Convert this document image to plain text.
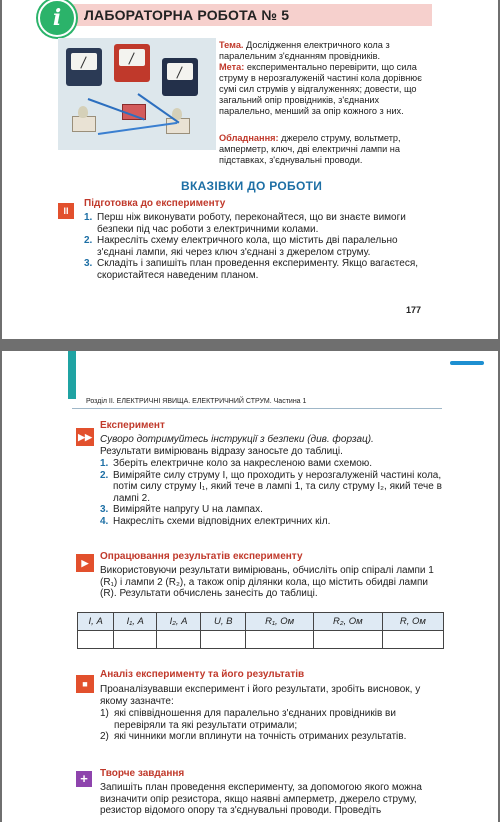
i	ЛАБОРАТОРНА РОБОТА № 5
Тема. Дослідження електричного кола з паралельним з'єднанням провідників.
Мета: експериментально перевірити, що сила струму в нерозгалуженій частині кола дорівнює сумі сил струмів у відгалуженнях; довести, що загальний опір провідників, з'єднаних паралельно, менший за опір кожного з них.
Обладнання: джерело струму, вольтметр, амперметр, ключ, дві електричні лампи на підставках, з'єднувальні проводи.
ВКАЗІВКИ ДО РОБОТИ
II
Підготовка до експерименту
1. Перш ніж виконувати роботу, переконайтеся, що ви знаєте вимоги безпеки під час роботи з електричними колами.
2. Накресліть схему електричного кола, що містить дві паралельно з'єднані лампи, які через ключ з'єднані з джерелом струму.
3. Складіть і запишіть план проведення експерименту. Якщо вагаєтеся, скористайтеся наведеним планом.
177
Розділ ІІ. ЕЛЕКТРИЧНІ ЯВИЩА. ЕЛЕКТРИЧНИЙ СТРУМ. Частина 1
▶▶
Експеримент
Суворо дотримуйтесь інструкції з безпеки (див. форзац).
Результати вимірювань відразу заносьте до таблиці.
1. Зберіть електричне коло за накресленою вами схемою.
2. Виміряйте силу струму I, що проходить у нерозгалуженій частині кола, потім силу струму I₁, який тече в лампі 1, та силу струму I₂, який тече в лампі 2.
3. Виміряйте напругу U на лампах.
4. Накресліть схеми відповідних електричних кіл.
▶
Опрацювання результатів експерименту
Використовуючи результати вимірювань, обчисліть опір спіралі лампи 1 (R₁) і лампи 2 (R₂), а також опір ділянки кола, що містить обидві лампи (R). Результати обчислень занесіть до таблиці.
I, А	I₁, А	I₂, А	U, В	R₁, Ом	R₂, Ом	R, Ом

■
Аналіз експерименту та його результатів
Проаналізувавши експеримент і його результати, зробіть висновок, у якому зазначте:
1) які співвідношення для паралельно з'єднаних провідників ви перевіряли та які результати отримали;
2) які чинники могли вплинути на точність отриманих результатів.
+	Творче завдання
Запишіть план проведення експерименту, за допомогою якого можна визначити опір резистора, якщо наявні амперметр, джерело струму, резистор відомого опору та з'єднувальні проводи. Проведіть
